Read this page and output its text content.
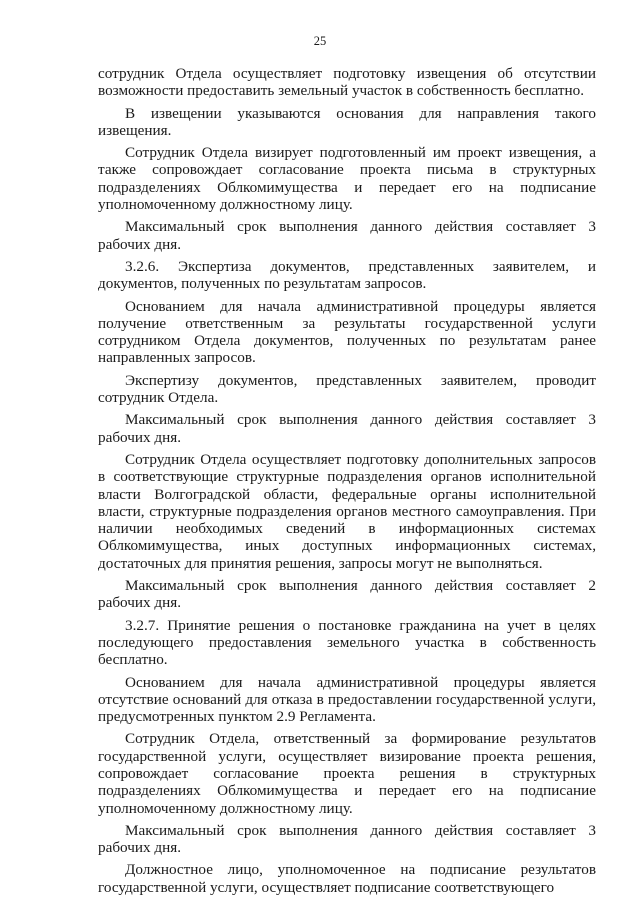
25

сотрудник Отдела осуществляет подготовку извещения об отсутствии возможности предоставить земельный участок в собственность бесплатно.

В извещении указываются основания для направления такого извещения.

Сотрудник Отдела визирует подготовленный им проект извещения, а также сопровождает согласование проекта письма в структурных подразделениях Облкомимущества и передает его на подписание уполномоченному должностному лицу.

Максимальный срок выполнения данного действия составляет 3 рабочих дня.

3.2.6. Экспертиза документов, представленных заявителем, и документов, полученных по результатам запросов.

Основанием для начала административной процедуры является получение ответственным за результаты государственной услуги сотрудником Отдела документов, полученных по результатам ранее направленных запросов.

Экспертизу документов, представленных заявителем, проводит сотрудник Отдела.

Максимальный срок выполнения данного действия составляет 3 рабочих дня.

Сотрудник Отдела осуществляет подготовку дополнительных запросов в соответствующие структурные подразделения органов исполнительной власти Волгоградской области, федеральные органы исполнительной власти, структурные подразделения органов местного самоуправления. При наличии необходимых сведений в информационных системах Облкомимущества, иных доступных информационных системах, достаточных для принятия решения, запросы могут не выполняться.

Максимальный срок выполнения данного действия составляет 2 рабочих дня.

3.2.7. Принятие решения о постановке гражданина на учет в целях последующего предоставления земельного участка в собственность бесплатно.

Основанием для начала административной процедуры является отсутствие оснований для отказа в предоставлении государственной услуги, предусмотренных пунктом 2.9 Регламента.

Сотрудник Отдела, ответственный за формирование результатов государственной услуги, осуществляет визирование проекта решения, сопровождает согласование проекта решения в структурных подразделениях Облкомимущества и передает его на подписание уполномоченному должностному лицу.

Максимальный срок выполнения данного действия составляет 3 рабочих дня.

Должностное лицо, уполномоченное на подписание результатов государственной услуги, осуществляет подписание соответствующего
